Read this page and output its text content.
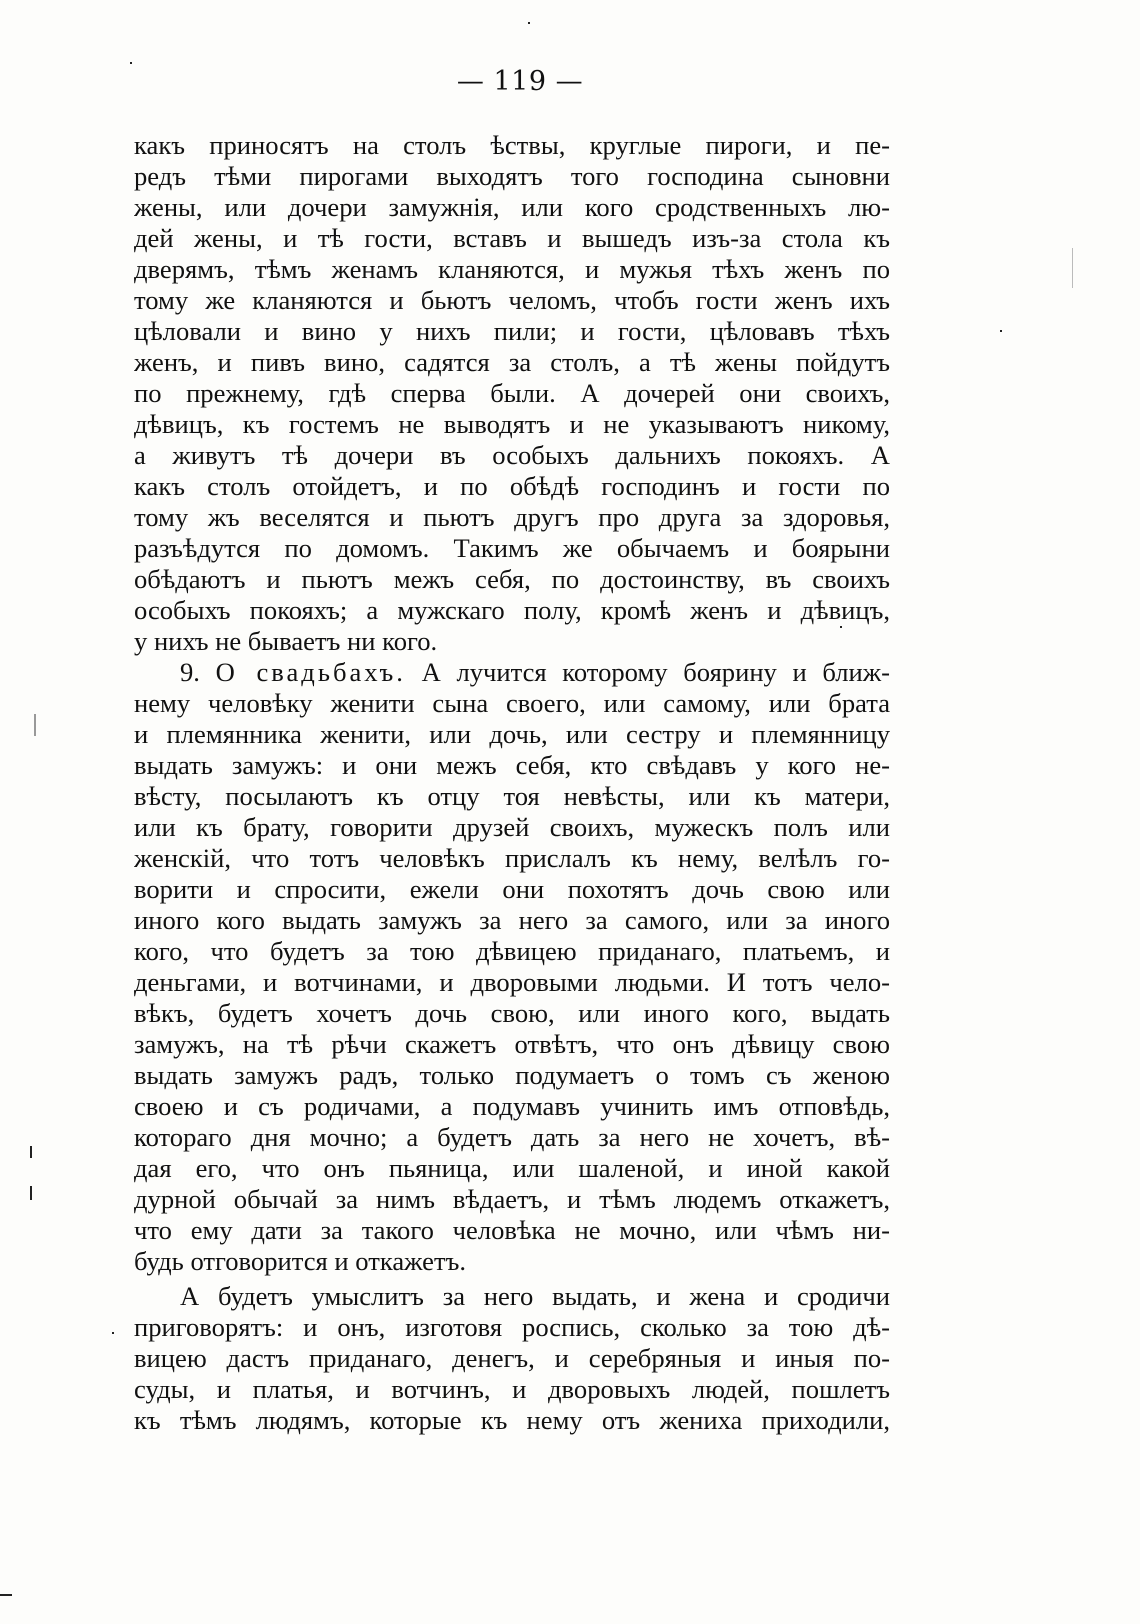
— 119 —
какъ приносятъ на столъ ѣствы, круглые пироги, и пе-
редъ тѣми пирогами выходятъ того господина сыновни
жены, или дочери замужнія, или кого сродственныхъ лю-
дей жены, и тѣ гости, вставъ и вышедъ изъ-за стола къ
дверямъ, тѣмъ женамъ кланяются, и мужья тѣхъ женъ по
тому же кланяются и бьютъ челомъ, чтобъ гости женъ ихъ
цѣловали и вино у нихъ пили; и гости, цѣловавъ тѣхъ
женъ, и пивъ вино, садятся за столъ, а тѣ жены пойдутъ
по прежнему, гдѣ сперва были. А дочерей они своихъ,
дѣвицъ, къ гостемъ не выводятъ и не указываютъ никому,
а живутъ тѣ дочери въ особыхъ дальнихъ покояхъ. А
какъ столъ отойдетъ, и по обѣдѣ господинъ и гости по
тому жъ веселятся и пьютъ другъ про друга за здоровья,
разъѣдутся по домомъ. Такимъ же обычаемъ и боярыни
обѣдаютъ и пьютъ межъ себя, по достоинству, въ своихъ
особыхъ покояхъ; а мужскаго полу, кромѣ женъ и дѣвицъ,
у нихъ не бываетъ ни кого.
9. О свадьбахъ. А лучится которому боярину и ближ-
нему человѣку женити сына своего, или самому, или брата
и племянника женити, или дочь, или сестру и племянницу
выдать замужъ: и они межъ себя, кто свѣдавъ у кого не-
вѣсту, посылаютъ къ отцу тоя невѣсты, или къ матери,
или къ брату, говорити друзей своихъ, мужескъ полъ или
женскій, что тотъ человѣкъ прислалъ къ нему, велѣлъ го-
ворити и спросити, ежели они похотятъ дочь свою или
иного кого выдать замужъ за него за самого, или за иного
кого, что будетъ за тою дѣвицею приданаго, платьемъ, и
деньгами, и вотчинами, и дворовыми людьми. И тотъ чело-
вѣкъ, будетъ хочетъ дочь свою, или иного кого, выдать
замужъ, на тѣ рѣчи скажетъ отвѣтъ, что онъ дѣвицу свою
выдать замужъ радъ, только подумаетъ о томъ съ женою
своею и съ родичами, а подумавъ учинить имъ отповѣдь,
котораго дня мочно; а будетъ дать за него не хочетъ, вѣ-
дая его, что онъ пьяница, или шаленой, и иной какой
дурной обычай за нимъ вѣдаетъ, и тѣмъ людемъ откажетъ,
что ему дати за такого человѣка не мочно, или чѣмъ ни-
будь отговорится и откажетъ.
А будетъ умыслитъ за него выдать, и жена и сродичи
приговорятъ: и онъ, изготовя роспись, сколько за тою дѣ-
вицею дастъ приданаго, денегъ, и серебряныя и иныя по-
суды, и платья, и вотчинъ, и дворовыхъ людей, пошлетъ
къ тѣмъ людямъ, которые къ нему отъ жениха приходили,
